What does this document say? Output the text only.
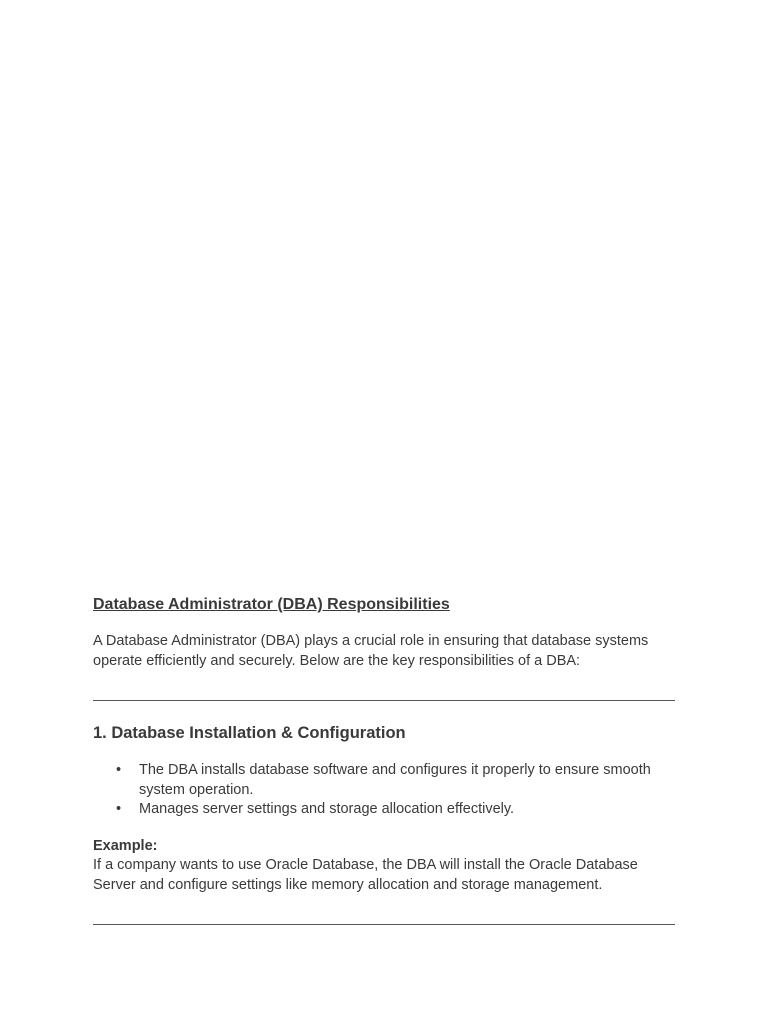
Database Administrator (DBA) Responsibilities

A Database Administrator (DBA) plays a crucial role in ensuring that database systems operate efficiently and securely. Below are the key responsibilities of a DBA:

1. Database Installation & Configuration
• The DBA installs database software and configures it properly to ensure smooth system operation.
• Manages server settings and storage allocation effectively.

Example:

If a company wants to use Oracle Database, the DBA will install the Oracle Database Server and configure settings like memory allocation and storage management.
